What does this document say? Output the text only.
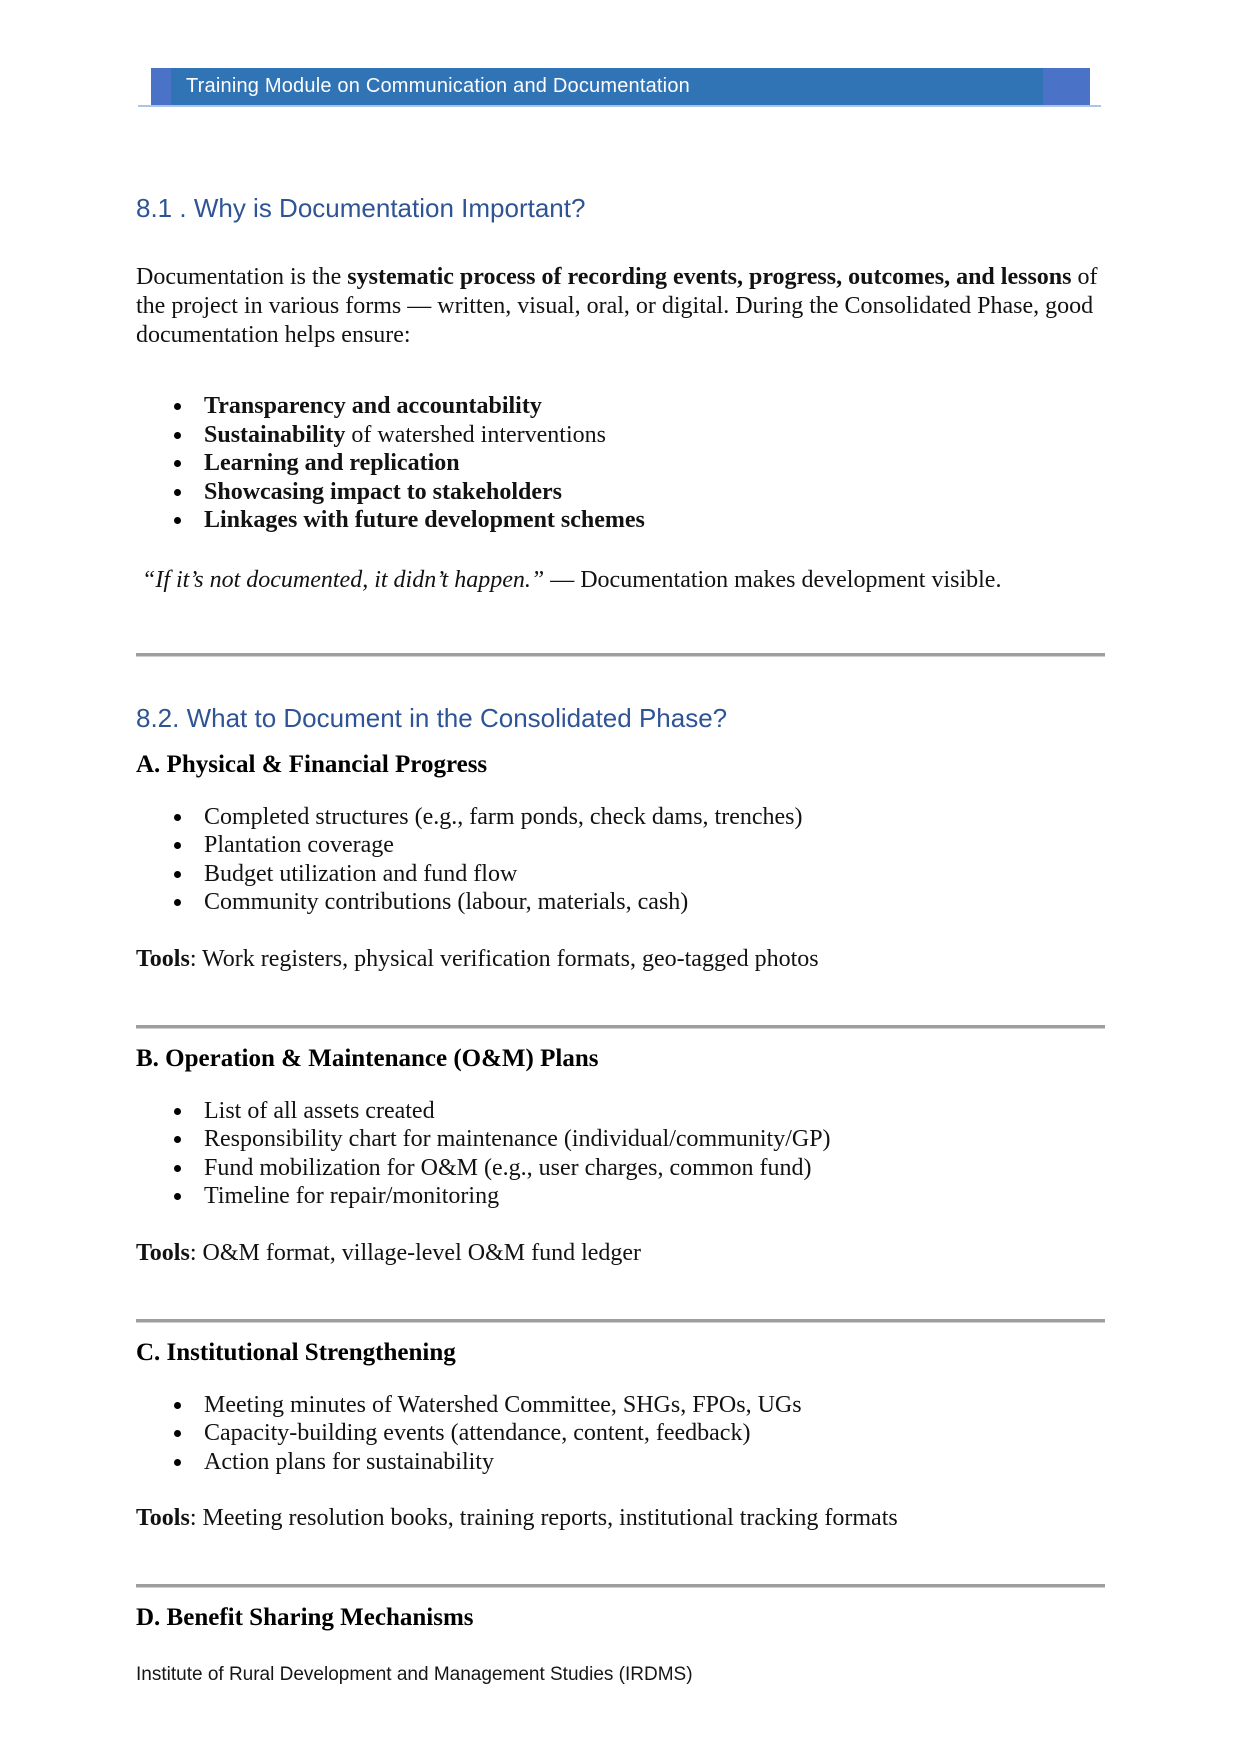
Training Module on Communication and Documentation
8.1 . Why is Documentation Important?

Documentation is the systematic process of recording events, progress, outcomes, and lessons of the project in various forms — written, visual, oral, or digital. During the Consolidated Phase, good documentation helps ensure:

Transparency and accountability
Sustainability of watershed interventions
Learning and replication
Showcasing impact to stakeholders
Linkages with future development schemes

“If it’s not documented, it didn’t happen.” — Documentation makes development visible.

8.2. What to Document in the Consolidated Phase?
A. Physical & Financial Progress
Completed structures (e.g., farm ponds, check dams, trenches)
Plantation coverage
Budget utilization and fund flow
Community contributions (labour, materials, cash)

Tools: Work registers, physical verification formats, geo-tagged photos

B. Operation & Maintenance (O&M) Plans
List of all assets created
Responsibility chart for maintenance (individual/community/GP)
Fund mobilization for O&M (e.g., user charges, common fund)
Timeline for repair/monitoring

Tools: O&M format, village-level O&M fund ledger

C. Institutional Strengthening
Meeting minutes of Watershed Committee, SHGs, FPOs, UGs
Capacity-building events (attendance, content, feedback)
Action plans for sustainability

Tools: Meeting resolution books, training reports, institutional tracking formats

D. Benefit Sharing Mechanisms
Institute of Rural Development and Management Studies (IRDMS)
